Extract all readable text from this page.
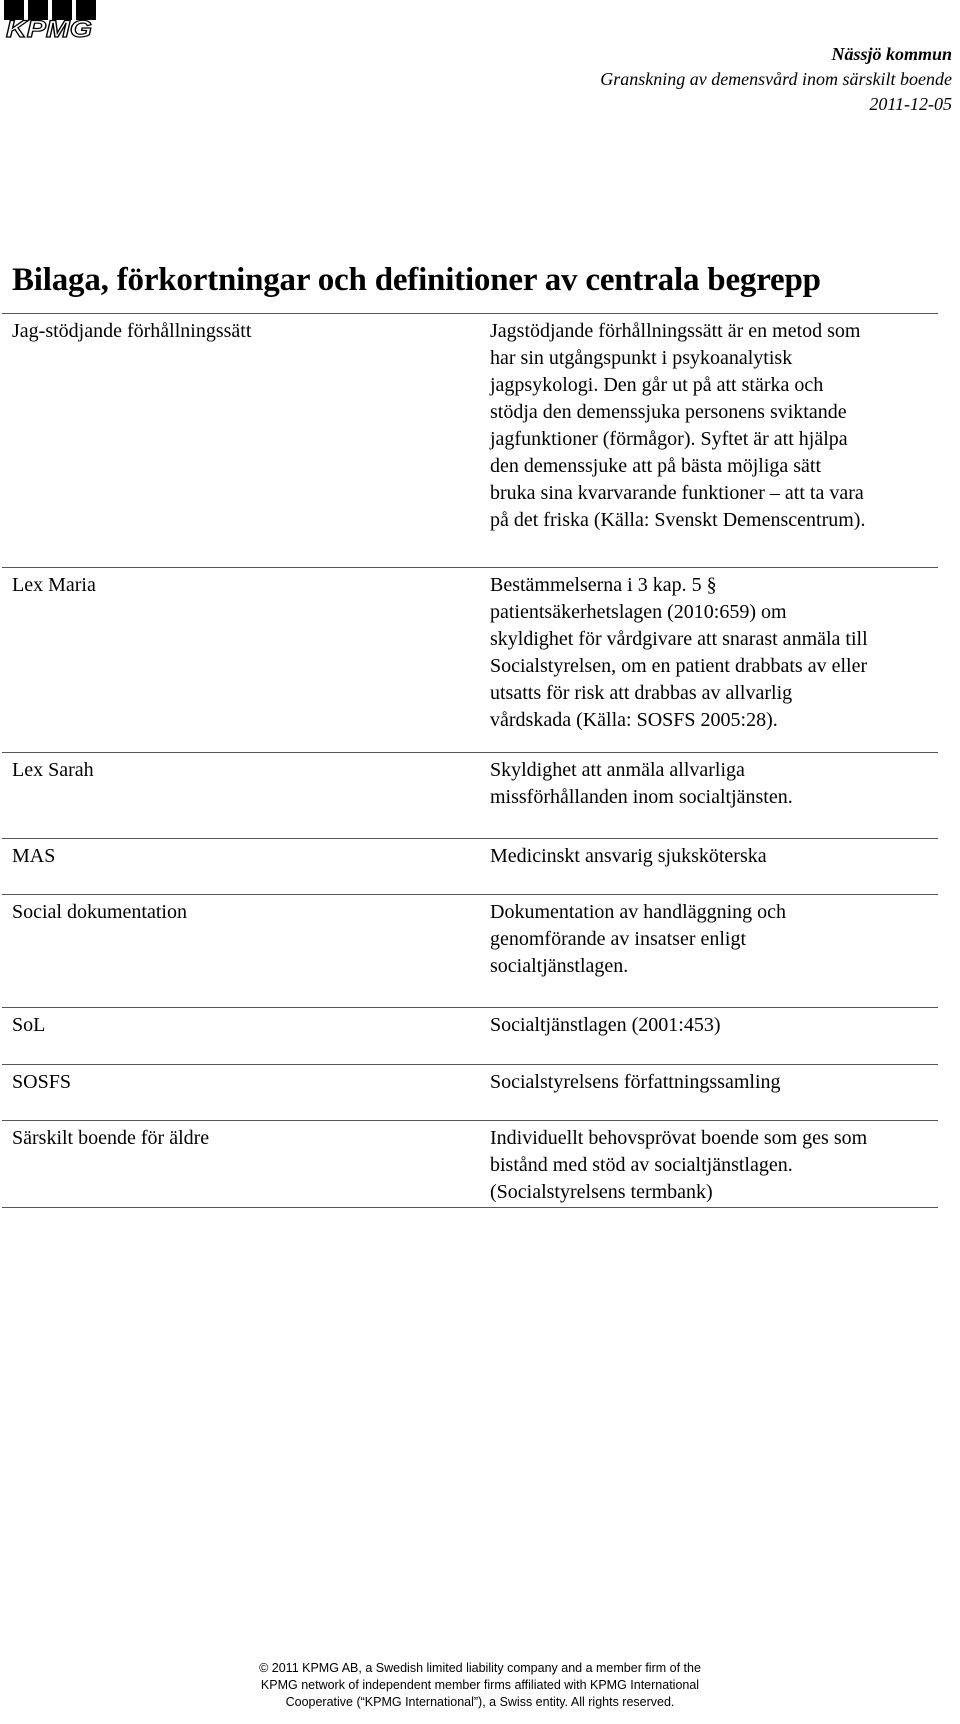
KPMG
Nässjö kommun
Granskning av demensvård inom särskilt boende
2011-12-05
Bilaga, förkortningar och definitioner av centrala begrepp
Jag-stödjande förhållningssätt	Jagstödjande förhållningssätt är en metod som
har sin utgångspunkt i psykoanalytisk
jagpsykologi. Den går ut på att stärka och
stödja den demenssjuka personens sviktande
jagfunktioner (förmågor). Syftet är att hjälpa
den demenssjuke att på bästa möjliga sätt
bruka sina kvarvarande funktioner – att ta vara
på det friska (Källa: Svenskt Demenscentrum).
Lex Maria	Bestämmelserna i 3 kap. 5 §
patientsäkerhetslagen (2010:659) om
skyldighet för vårdgivare att snarast anmäla till
Socialstyrelsen, om en patient drabbats av eller
utsatts för risk att drabbas av allvarlig
vårdskada (Källa: SOSFS 2005:28).
Lex Sarah	Skyldighet att anmäla allvarliga
missförhållanden inom socialtjänsten.
MAS	Medicinskt ansvarig sjuksköterska
Social dokumentation	Dokumentation av handläggning och
genomförande av insatser enligt
socialtjänstlagen.
SoL	Socialtjänstlagen (2001:453)
SOSFS	Socialstyrelsens författningssamling
Särskilt boende för äldre	Individuellt behovsprövat boende som ges som
bistånd med stöd av socialtjänstlagen.
(Socialstyrelsens termbank)
© 2011 KPMG AB, a Swedish limited liability company and a member firm of the
KPMG network of independent member firms affiliated with KPMG International
Cooperative (“KPMG International”), a Swiss entity. All rights reserved.
